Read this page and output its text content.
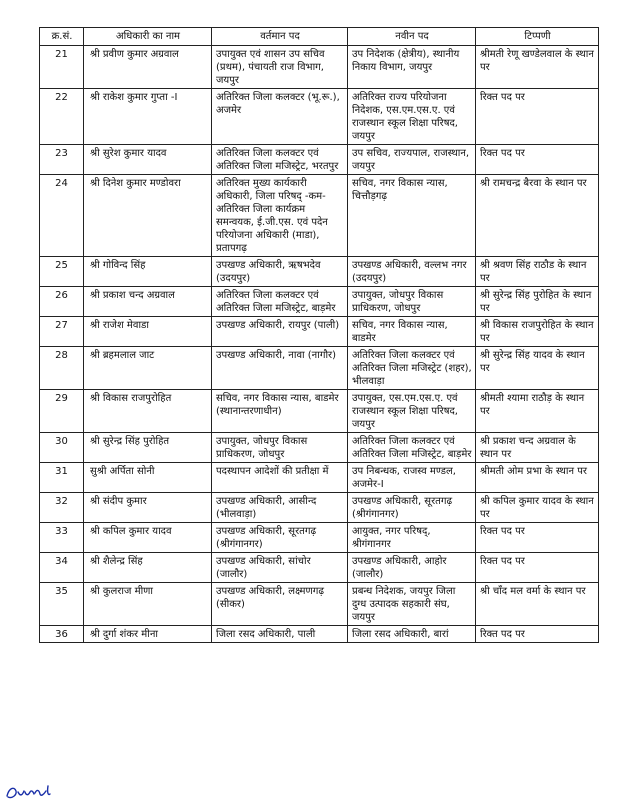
क्र.सं.	अधिकारी का नाम	वर्तमान पद	नवीन पद	टिप्पणी
21	श्री प्रवीण कुमार अग्रवाल	उपायुक्त एवं शासन उप सचिव (प्रथम), पंचायती राज विभाग, जयपुर	उप निदेशक (क्षेत्रीय), स्थानीय निकाय विभाग, जयपुर	श्रीमती रेणू खण्डेलवाल के स्थान पर
22	श्री राकेश कुमार गुप्ता -I	अतिरिक्त जिला कलक्टर (भू.रू.), अजमेर	अतिरिक्त राज्य परियोजना निदेशक, एस.एम.एस.ए. एवं राजस्थान स्कूल शिक्षा परिषद, जयपुर	रिक्त पद पर
23	श्री सुरेश कुमार यादव	अतिरिक्त जिला कलक्टर एवं अतिरिक्त जिला मजिस्ट्रेट, भरतपुर	उप सचिव, राज्यपाल, राजस्थान, जयपुर	रिक्त पद पर
24	श्री दिनेश कुमार मण्डोवरा	अतिरिक्त मुख्य कार्यकारी अधिकारी, जिला परिषद् -कम- अतिरिक्त जिला कार्यक्रम समन्वयक, ई.जी.एस. एवं पदेन परियोजना अधिकारी (माडा), प्रतापगढ़	सचिव, नगर विकास न्यास, चित्तौड़गढ़	श्री रामचन्द्र बैरवा के स्थान पर
25	श्री गोविन्द सिंह	उपखण्ड अधिकारी, ऋषभदेव (उदयपुर)	उपखण्ड अधिकारी, वल्लभ नगर (उदयपुर)	श्री श्रवण सिंह राठौड के स्थान पर
26	श्री प्रकाश चन्द अग्रवाल	अतिरिक्त जिला कलक्टर एवं अतिरिक्त जिला मजिस्ट्रेट, बाड़मेर	उपायुक्त, जोधपुर विकास प्राधिकरण, जोधपुर	श्री सुरेन्द्र सिंह पुरोहित के स्थान पर
27	श्री राजेश मेवाडा	उपखण्ड अधिकारी, रायपुर (पाली)	सचिव, नगर विकास न्यास, बाडमेर	श्री विकास राजपुरोहित के स्थान पर
28	श्री ब्रहमलाल जाट	उपखण्ड अधिकारी, नावा (नागौर)	अतिरिक्त जिला कलक्टर एवं अतिरिक्त जिला मजिस्ट्रेट (शहर), भीलवाड़ा	श्री सुरेन्द्र सिंह यादव के स्थान पर
29	श्री विकास राजपुरोहित	सचिव, नगर विकास न्यास, बाडमेर (स्थानान्तरणाधीन)	उपायुक्त, एस.एम.एस.ए. एवं राजस्थान स्कूल शिक्षा परिषद, जयपुर	श्रीमती श्यामा राठौड़ के स्थान पर
30	श्री सुरेन्द्र सिंह पुरोहित	उपायुक्त, जोधपुर विकास प्राधिकरण, जोधपुर	अतिरिक्त जिला कलक्टर एवं अतिरिक्त जिला मजिस्ट्रेट, बाड़मेर	श्री प्रकाश चन्द अग्रवाल के स्थान पर
31	सुश्री अर्पिता सोनी	पदस्थापन आदेशों की प्रतीक्षा में	उप निबन्धक, राजस्व मण्डल, अजमेर-I	श्रीमती ओम प्रभा के स्थान पर
32	श्री संदीप कुमार	उपखण्ड अधिकारी, आसीन्द (भीलवाड़ा)	उपखण्ड अधिकारी, सूरतगढ़ (श्रीगंगानगर)	श्री कपिल कुमार यादव के स्थान पर
33	श्री कपिल कुमार यादव	उपखण्ड अधिकारी, सूरतगढ़ (श्रीगंगानगर)	आयुक्त, नगर परिषद्, श्रीगंगानगर	रिक्त पद पर
34	श्री शैलेन्द्र सिंह	उपखण्ड अधिकारी, सांचोर (जालौर)	उपखण्ड अधिकारी, आहोर (जालौर)	रिक्त पद पर
35	श्री कुलराज मीणा	उपखण्ड अधिकारी, लक्ष्मणगढ़ (सीकर)	प्रबन्ध निदेशक, जयपुर जिला दुग्ध उत्पादक सहकारी संघ, जयपुर	श्री चाँद मल वर्मा के स्थान पर
36	श्री दुर्गा शंकर मीना	जिला रसद अधिकारी, पाली	जिला रसद अधिकारी, बारां	रिक्त पद पर
